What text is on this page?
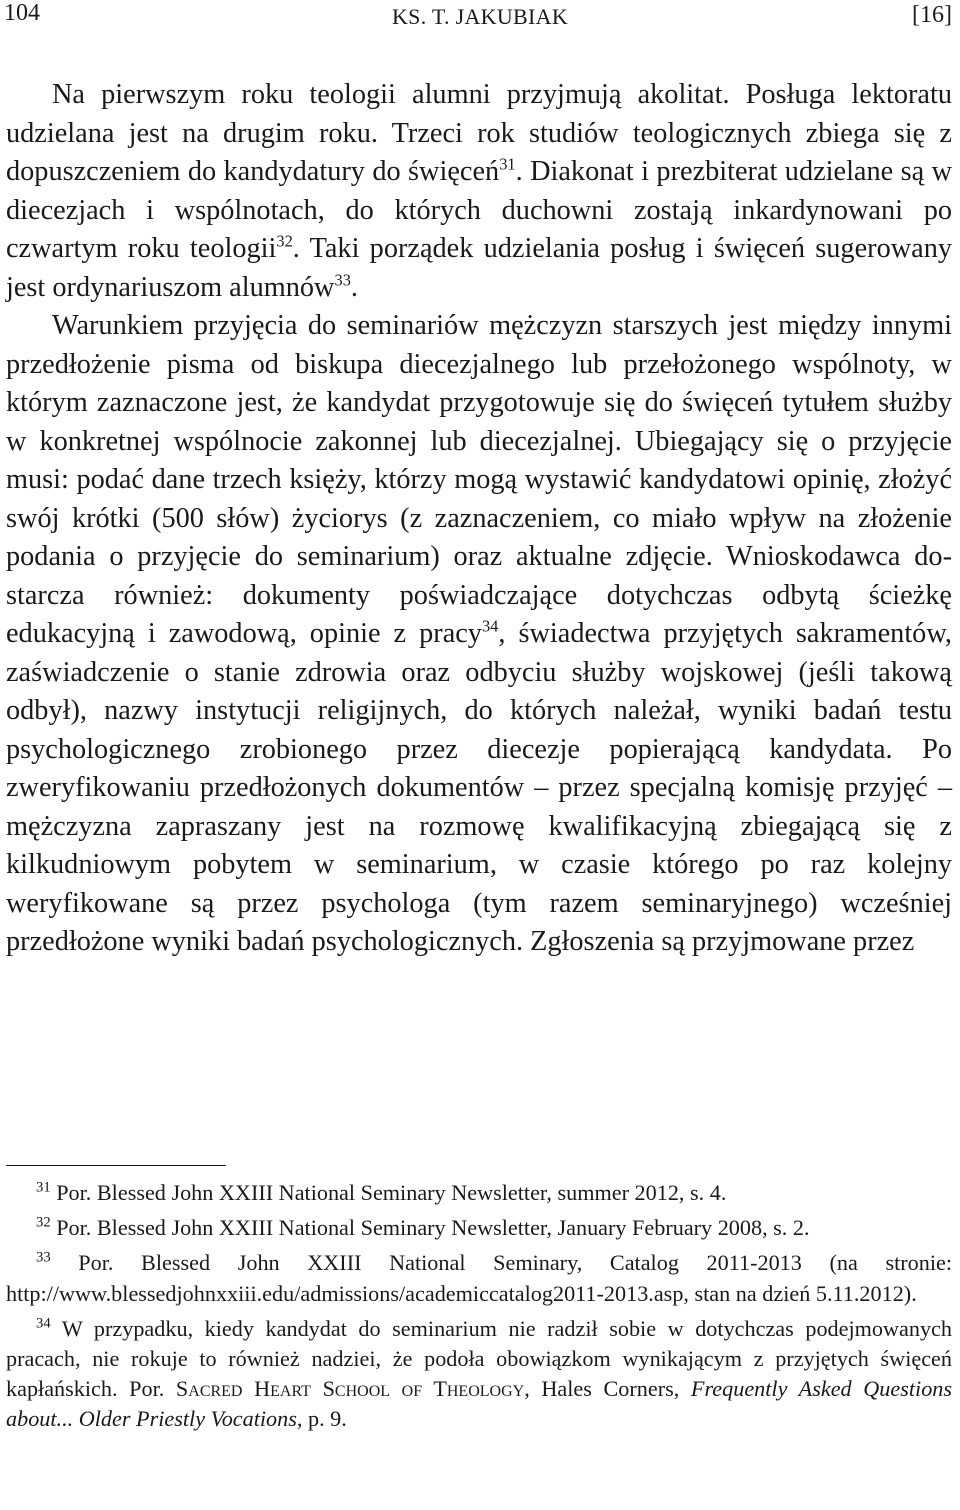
104	KS. T. JAKUBIAK	[16]

Na pierwszym roku teologii alumni przyjmują akolitat. Posługa lektoratu udzielana jest na drugim roku. Trzeci rok studiów teologicznych zbiega się z dopuszczeniem do kandydatury do święceń$^{31}$. Diakonat i prezbiterat udzielane są w diecezjach i wspólnotach, do których duchowni zostają inkardynowani po czwartym roku teologii$^{32}$. Taki porządek udzielania posług i święceń sugerowany jest ordynariuszom alumnów$^{33}$.

Warunkiem przyjęcia do seminariów mężczyzn starszych jest między innymi przedłożenie pisma od biskupa diecezjalnego lub przełożonego wspólnoty, w którym zaznaczone jest, że kandydat przygotowuje się do święceń tytułem służby w konkretnej wspólnocie zakonnej lub diecezjalnej. Ubiegający się o przyjęcie musi: podać dane trzech księży, którzy mogą wystawić kandydatowi opinię, złożyć swój krótki (500 słów) życiorys (z zaznaczeniem, co miało wpływ na złożenie podania o przyjęcie do seminarium) oraz aktualne zdjęcie. Wnioskodawca dostarcza również: dokumenty poświadczające dotychczas odbytą ścieżkę edukacyjną i zawodową, opinie z pracy$^{34}$, świadectwa przyjętych sakramentów, zaświadczenie o stanie zdrowia oraz odbyciu służby wojskowej (jeśli takową odbył), nazwy instytucji religijnych, do których należał, wyniki badań testu psychologicznego zrobionego przez diecezje popierającą kandydata. Po zweryfikowaniu przedłożonych dokumentów – przez specjalną komisję przyjęć – mężczyzna zapraszany jest na rozmowę kwalifikacyjną zbiegającą się z kilkudniowym pobytem w seminarium, w czasie którego po raz kolejny weryfikowane są przez psychologa (tym razem seminaryjnego) wcześniej przedłożone wyniki badań psychologicznych. Zgłoszenia są przyjmowane przez

$^{31}$ Por. Blessed John XXIII National Seminary Newsletter, summer 2012, s. 4.

$^{32}$ Por. Blessed John XXIII National Seminary Newsletter, January February 2008, s. 2.

$^{33}$ Por. Blessed John XXIII National Seminary, Catalog 2011-2013 (na stronie: http://www.blessedjohnxxiii.edu/admissions/academiccatalog2011-2013.asp, stan na dzień 5.11.2012).

$^{34}$ W przypadku, kiedy kandydat do seminarium nie radził sobie w dotychczas podejmowanych pracach, nie rokuje to również nadziei, że podoła obowiązkom wynikającym z przyjętych święceń kapłańskich. Por. Sacred Heart School of Theology, Hales Corners, Frequently Asked Questions about... Older Priestly Vocations, p. 9.
